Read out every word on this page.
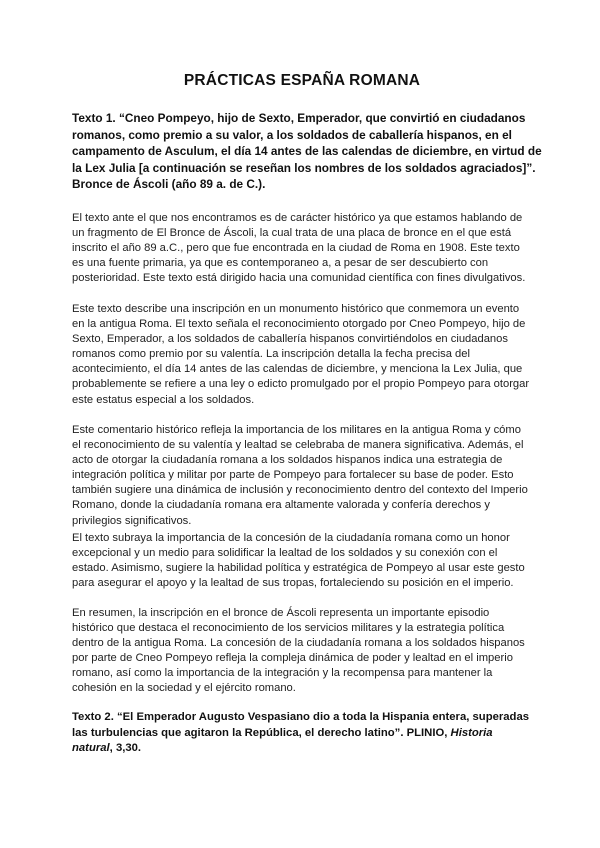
PRÁCTICAS ESPAÑA ROMANA
Texto 1. “Cneo Pompeyo, hijo de Sexto, Emperador, que convirtió en ciudadanos
romanos, como premio a su valor, a los soldados de caballería hispanos, en el
campamento de Asculum, el día 14 antes de las calendas de diciembre, en virtud de
la Lex Julia [a continuación se reseñan los nombres de los soldados agraciados]”.
Bronce de Áscoli (año 89 a. de C.).
El texto ante el que nos encontramos es de carácter histórico ya que estamos hablando de
un fragmento de El Bronce de Áscoli, la cual trata de una placa de bronce en el que está
inscrito el año 89 a.C., pero que fue encontrada en la ciudad de Roma en 1908. Este texto
es una fuente primaria, ya que es contemporaneo a, a pesar de ser descubierto con
posterioridad. Este texto está dirigido hacia una comunidad científica con fines divulgativos.
Este texto describe una inscripción en un monumento histórico que conmemora un evento
en la antigua Roma. El texto señala el reconocimiento otorgado por Cneo Pompeyo, hijo de
Sexto, Emperador, a los soldados de caballería hispanos convirtiéndolos en ciudadanos
romanos como premio por su valentía. La inscripción detalla la fecha precisa del
acontecimiento, el día 14 antes de las calendas de diciembre, y menciona la Lex Julia, que
probablemente se refiere a una ley o edicto promulgado por el propio Pompeyo para otorgar
este estatus especial a los soldados.
Este comentario histórico refleja la importancia de los militares en la antigua Roma y cómo
el reconocimiento de su valentía y lealtad se celebraba de manera significativa. Además, el
acto de otorgar la ciudadanía romana a los soldados hispanos indica una estrategia de
integración política y militar por parte de Pompeyo para fortalecer su base de poder. Esto
también sugiere una dinámica de inclusión y reconocimiento dentro del contexto del Imperio
Romano, donde la ciudadanía romana era altamente valorada y confería derechos y
privilegios significativos.
El texto subraya la importancia de la concesión de la ciudadanía romana como un honor
excepcional y un medio para solidificar la lealtad de los soldados y su conexión con el
estado. Asimismo, sugiere la habilidad política y estratégica de Pompeyo al usar este gesto
para asegurar el apoyo y la lealtad de sus tropas, fortaleciendo su posición en el imperio.
En resumen, la inscripción en el bronce de Áscoli representa un importante episodio
histórico que destaca el reconocimiento de los servicios militares y la estrategia política
dentro de la antigua Roma. La concesión de la ciudadanía romana a los soldados hispanos
por parte de Cneo Pompeyo refleja la compleja dinámica de poder y lealtad en el imperio
romano, así como la importancia de la integración y la recompensa para mantener la
cohesión en la sociedad y el ejército romano.
Texto 2. “El Emperador Augusto Vespasiano dio a toda la Hispania entera, superadas
las turbulencias que agitaron la República, el derecho latino”. PLINIO, Historia
natural, 3,30.
